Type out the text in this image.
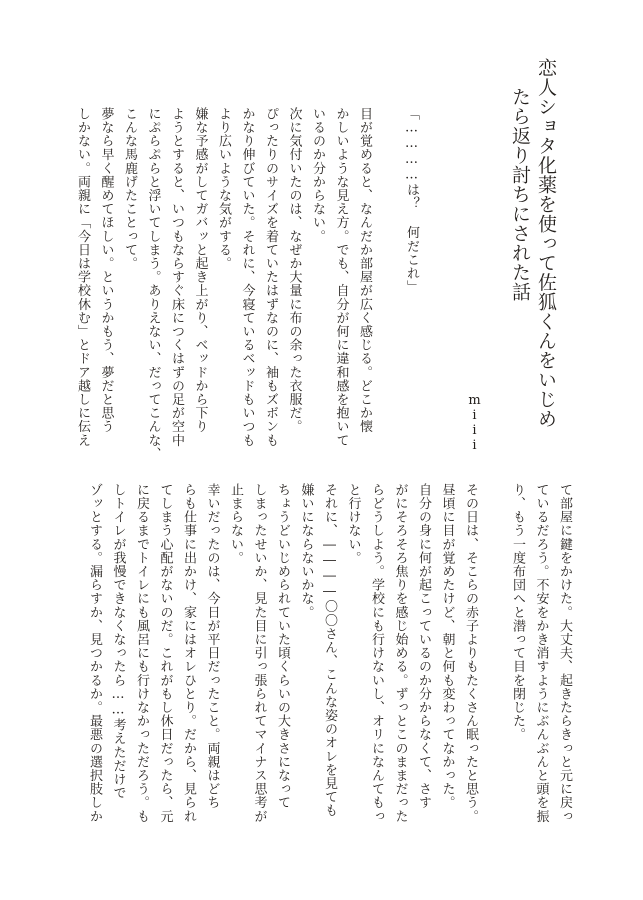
恋人ショタ化薬を使って佐狐くんをいじめ

たら返り討ちにされた話

miii

「…………は？ 何だこれ」

目が覚めると、なんだか部屋が広く感じる。どこか懐

かしいような見え方。でも、自分が何に違和感を抱いて

いるのか分からない。

次に気付いたのは、なぜか大量に布の余った衣服だ。

ぴったりのサイズを着ていたはずなのに、袖もズボンも

かなり伸びていた。それに、今寝ているベッドもいつも

より広いような気がする。

嫌な予感がしてガバッと起き上がり、ベッドから下り

ようとすると、いつもならすぐ床につくはずの足が空中

にぷらぷらと浮いてしまう。ありえない、だってこんな、

こんな馬鹿げたことって。

夢なら早く醒めてほしい。というかもう、夢だと思う

しかない。両親に「今日は学校休む」とドア越しに伝え

て部屋に鍵をかけた。大丈夫、起きたらきっと元に戻っ

ているだろう。不安をかき消すようにぶんぶんと頭を振

り、もう一度布団へと潜って目を閉じた。

その日は、そこらの赤子よりもたくさん眠ったと思う。

昼頃に目が覚めたけど、朝と何も変わってなかった。

自分の身に何が起こっているのか分からなくて、さす

がにそろそろ焦りを感じ始める。ずっとこのままだった

らどうしよう。学校にも行けないし、オリになんてもっ

と行けない。

それに、――――〇〇さん、こんな姿のオレを見ても

嫌いにならないかな。

ちょうどいじめられていた頃くらいの大きさになって

しまったせいか、見た目に引っ張られてマイナス思考が

止まらない。

幸いだったのは、今日が平日だったこと。両親はどち

らも仕事に出かけ、家にはオレひとり。だから、見られ

てしまう心配がないのだ。これがもし休日だったら、元

に戻るまでトイレにも風呂にも行けなかっただろう。も

しトイレが我慢できなくなったら……考えただけで

ゾッとする。漏らすか、見つかるか。最悪の選択肢しか
